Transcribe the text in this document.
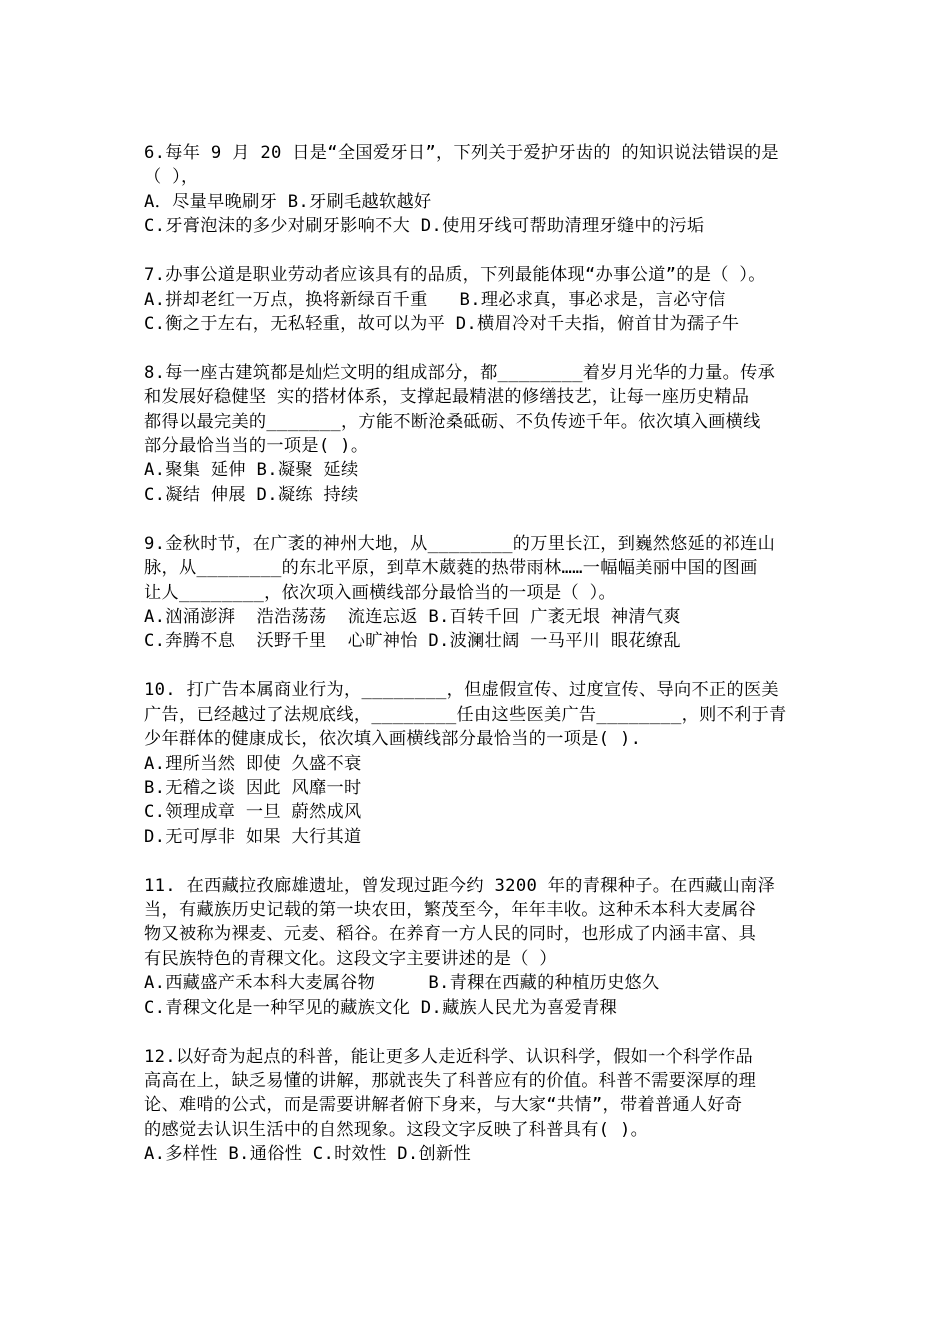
6.每年 9 月 20 日是“全国爱牙日”，下列关于爱护牙齿的 的知识说法错误的是
（ ），
A．尽量早晚刷牙 B.牙刷毛越软越好
C.牙膏泡沫的多少对刷牙影响不大 D.使用牙线可帮助清理牙缝中的污垢
7.办事公道是职业劳动者应该具有的品质，下列最能体现“办事公道”的是（ ）。
A.拼却老红一万点，换将新绿百千重   B.理必求真，事必求是，言必守信
C.衡之于左右，无私轻重，故可以为平 D.横眉冷对千夫指，俯首甘为孺子牛
8.每一座古建筑都是灿烂文明的组成部分，都________着岁月光华的力量。传承
和发展好稳健坚 实的搭材体系，支撑起最精湛的修缮技艺，让每一座历史精品
都得以最完美的_______，方能不断沧桑砥砺、不负传迹千年。依次填入画横线
部分最恰当当的一项是( )。
A.聚集 延伸 B.凝聚 延续
C.凝结 伸展 D.凝练 持续
9.金秋时节，在广袤的神州大地，从________的万里长江，到巍然悠延的祁连山
脉，从________的东北平原，到草木葳蕤的热带雨林……一幅幅美丽中国的图画
让人________，依次项入画横线部分最恰当的一项是（ ）。
A.汹涌澎湃  浩浩荡荡  流连忘返 B.百转千回 广袤无垠 神清气爽
C.奔腾不息  沃野千里  心旷神怡 D.波澜壮阔 一马平川 眼花缭乱
10. 打广告本属商业行为，________，但虚假宣传、过度宣传、导向不正的医美
广告，已经越过了法规底线，________任由这些医美广告________，则不利于青
少年群体的健康成长，依次填入画横线部分最恰当的一项是( ).
A.理所当然 即使 久盛不衰
B.无稽之谈 因此 风靡一时
C.领理成章 一旦 蔚然成风
D.无可厚非 如果 大行其道
11. 在西藏拉孜廊雄遗址，曾发现过距今约 3200 年的青稞种子。在西藏山南泽
当，有藏族历史记载的第一块农田，繁茂至今，年年丰收。这种禾本科大麦属谷
物又被称为裸麦、元麦、稻谷。在养育一方人民的同时，也形成了内涵丰富、具
有民族特色的青稞文化。这段文字主要讲述的是（ ）
A.西藏盛产禾本科大麦属谷物     B.青稞在西藏的种植历史悠久
C.青稞文化是一种罕见的藏族文化 D.藏族人民尤为喜爱青稞
12.以好奇为起点的科普，能让更多人走近科学、认识科学，假如一个科学作品
高高在上，缺乏易懂的讲解，那就丧失了科普应有的价值。科普不需要深厚的理
论、难啃的公式，而是需要讲解者俯下身来，与大家“共情”，带着普通人好奇
的感觉去认识生活中的自然现象。这段文字反映了科普具有( )。
A.多样性 B.通俗性 C.时效性 D.创新性
